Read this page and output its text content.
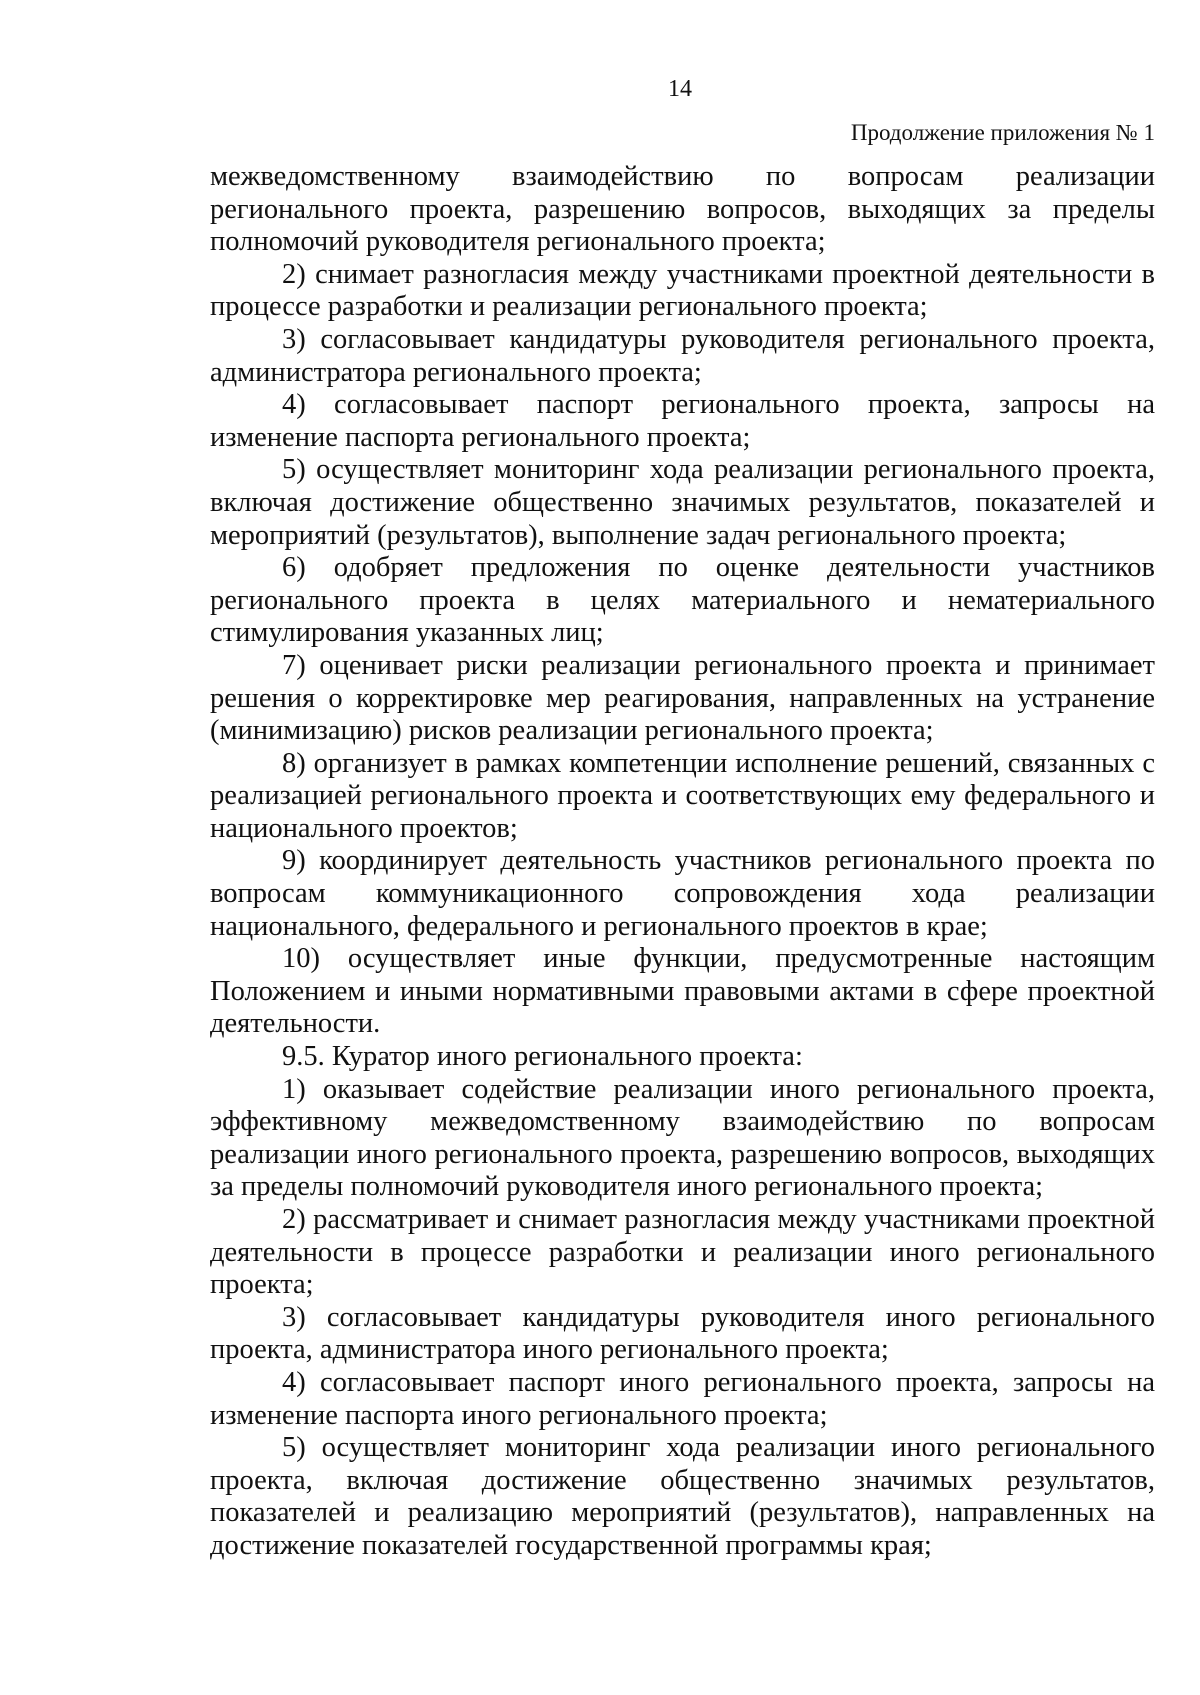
14

Продолжение приложения № 1

межведомственному взаимодействию по вопросам реализации регионального проекта, разрешению вопросов, выходящих за пределы полномочий руководителя регионального проекта;

2) снимает разногласия между участниками проектной деятельности в процессе разработки и реализации регионального проекта;

3) согласовывает кандидатуры руководителя регионального проекта, администратора регионального проекта;

4) согласовывает паспорт регионального проекта, запросы на изменение паспорта регионального проекта;

5) осуществляет мониторинг хода реализации регионального проекта, включая достижение общественно значимых результатов, показателей и мероприятий (результатов), выполнение задач регионального проекта;

6) одобряет предложения по оценке деятельности участников регионального проекта в целях материального и нематериального стимулирования указанных лиц;

7) оценивает риски реализации регионального проекта и принимает решения о корректировке мер реагирования, направленных на устранение (минимизацию) рисков реализации регионального проекта;

8) организует в рамках компетенции исполнение решений, связанных с реализацией регионального проекта и соответствующих ему федерального и национального проектов;

9) координирует деятельность участников регионального проекта по вопросам коммуникационного сопровождения хода реализации национального, федерального и регионального проектов в крае;

10) осуществляет иные функции, предусмотренные настоящим Положением и иными нормативными правовыми актами в сфере проектной деятельности.

9.5. Куратор иного регионального проекта:

1) оказывает содействие реализации иного регионального проекта, эффективному межведомственному взаимодействию по вопросам реализации иного регионального проекта, разрешению вопросов, выходящих за пределы полномочий руководителя иного регионального проекта;

2) рассматривает и снимает разногласия между участниками проектной деятельности в процессе разработки и реализации иного регионального проекта;

3) согласовывает кандидатуры руководителя иного регионального проекта, администратора иного регионального проекта;

4) согласовывает паспорт иного регионального проекта, запросы на изменение паспорта иного регионального проекта;

5) осуществляет мониторинг хода реализации иного регионального проекта, включая достижение общественно значимых результатов, показателей и реализацию мероприятий (результатов), направленных на достижение показателей государственной программы края;
